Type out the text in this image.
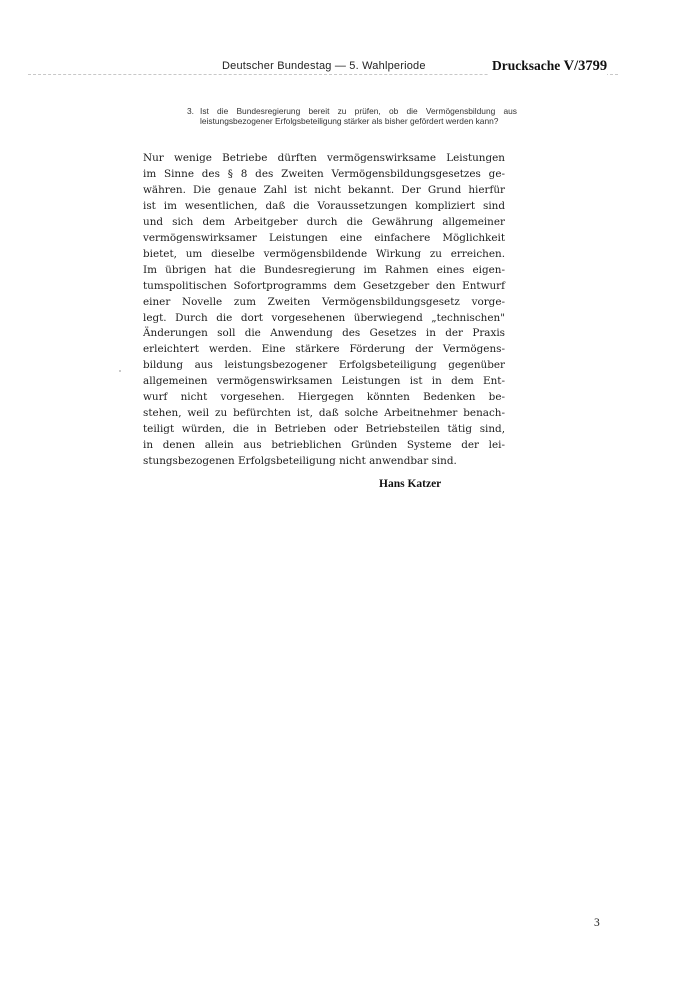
Deutscher Bundestag — 5. Wahlperiode	Drucksache V/3799
3. Ist die Bundesregierung bereit zu prüfen, ob die Vermögensbildung aus leistungsbezogener Erfolgsbeteiligung stärker als bisher gefördert werden kann?
Nur wenige Betriebe dürften vermögenswirksame Leistungen
im Sinne des § 8 des Zweiten Vermögensbildungsgesetzes ge-
währen. Die genaue Zahl ist nicht bekannt. Der Grund hierfür
ist im wesentlichen, daß die Voraussetzungen kompliziert sind
und sich dem Arbeitgeber durch die Gewährung allgemeiner
vermögenswirksamer Leistungen eine einfachere Möglichkeit
bietet, um dieselbe vermögensbildende Wirkung zu erreichen.
Im übrigen hat die Bundesregierung im Rahmen eines eigen-
tumspolitischen Sofortprogramms dem Gesetzgeber den Entwurf
einer Novelle zum Zweiten Vermögensbildungsgesetz vorge-
legt. Durch die dort vorgesehenen überwiegend „technischen"
Änderungen soll die Anwendung des Gesetzes in der Praxis
erleichtert werden. Eine stärkere Förderung der Vermögens-
bildung aus leistungsbezogener Erfolgsbeteiligung gegenüber
allgemeinen vermögenswirksamen Leistungen ist in dem Ent-
wurf nicht vorgesehen. Hiergegen könnten Bedenken be-
stehen, weil zu befürchten ist, daß solche Arbeitnehmer benach-
teiligt würden, die in Betrieben oder Betriebsteilen tätig sind,
in denen allein aus betrieblichen Gründen Systeme der lei-
stungsbezogenen Erfolgsbeteiligung nicht anwendbar sind.
Hans Katzer
3
